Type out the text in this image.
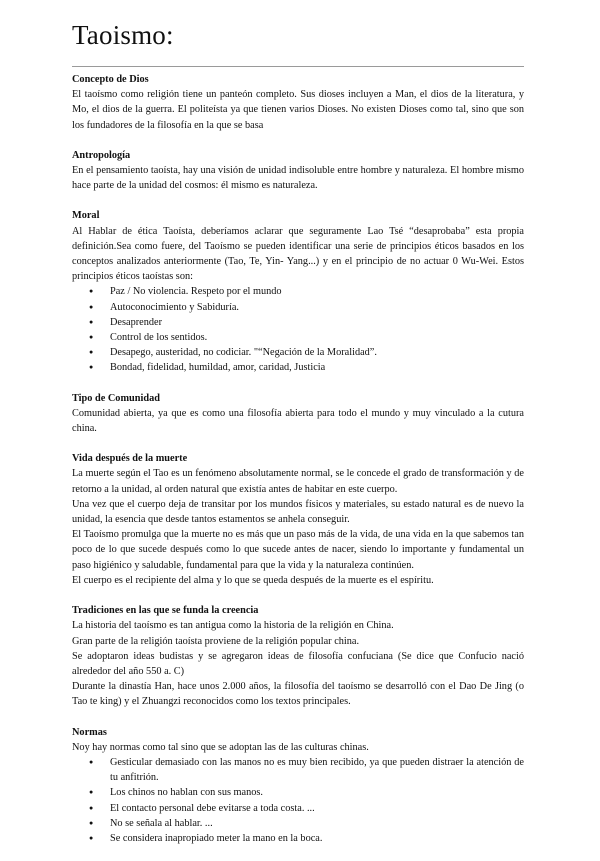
Taoismo:
Concepto de Dios

El taoísmo como religión tiene un panteón completo. Sus dioses incluyen a Man, el dios de la literatura, y Mo, el dios de la guerra. El politeísta ya que tienen varios Dioses. No existen Dioses como tal, sino que son los fundadores de la filosofía en la que se basa

Antropología

En el pensamiento taoísta, hay una visión de unidad indisoluble entre hombre y naturaleza. El hombre mismo hace parte de la unidad del cosmos: él mismo es naturaleza.

Moral

Al Hablar de ética Taoísta, deberíamos aclarar que seguramente Lao Tsé “desaprobaba” esta propia definición.Sea como fuere, del Taoísmo se pueden identificar una serie de principios éticos basados en los conceptos analizados anteriormente (Tao, Te, Yin- Yang...) y en el principio de no actuar 0 Wu-Wei. Estos principios éticos taoístas son:

● Paz / No violencia. Respeto por el mundo
● Autoconocimiento y Sabiduría.
● Desaprender
● Control de los sentidos.
● Desapego, austeridad, no codiciar. "“Negación de la Moralidad”.
● Bondad, fidelidad, humildad, amor, caridad, Justicia
Tipo de Comunidad

Comunidad abierta, ya que es como una filosofía abierta para todo el mundo y muy vinculado a la cutura china.

Vida después de la muerte

La muerte según el Tao es un fenómeno absolutamente normal, se le concede el grado de transformación y de retorno a la unidad, al orden natural que existía antes de habitar en este cuerpo.

Una vez que el cuerpo deja de transitar por los mundos físicos y materiales, su estado natural es de nuevo la unidad, la esencia que desde tantos estamentos se anhela conseguir.

El Taoísmo promulga que la muerte no es más que un paso más de la vida, de una vida en la que sabemos tan poco de lo que sucede después como lo que sucede antes de nacer, siendo lo importante y fundamental un paso higiénico y saludable, fundamental para que la vida y la naturaleza continúen.

El cuerpo es el recipiente del alma y lo que se queda después de la muerte es el espíritu.

Tradiciones en las que se funda la creencia

La historia del taoísmo es tan antigua como la historia de la religión en China.

Gran parte de la religión taoísta proviene de la religión popular china.

Se adoptaron ideas budistas y se agregaron ideas de filosofía confuciana (Se dice que Confucio nació alrededor del año 550 a. C)

Durante la dinastía Han, hace unos 2.000 años, la filosofía del taoísmo se desarrolló con el Dao De Jing (o Tao te king) y el Zhuangzi reconocidos como los textos principales.

Normas

Noy hay normas como tal sino que se adoptan las de las culturas chinas.

● Gesticular demasiado con las manos no es muy bien recibido, ya que pueden distraer la atención de tu anfitrión.
● Los chinos no hablan con sus manos.
● El contacto personal debe evitarse a toda costa. ...
● No se señala al hablar. ...
● Se considera inapropiado meter la mano en la boca.
